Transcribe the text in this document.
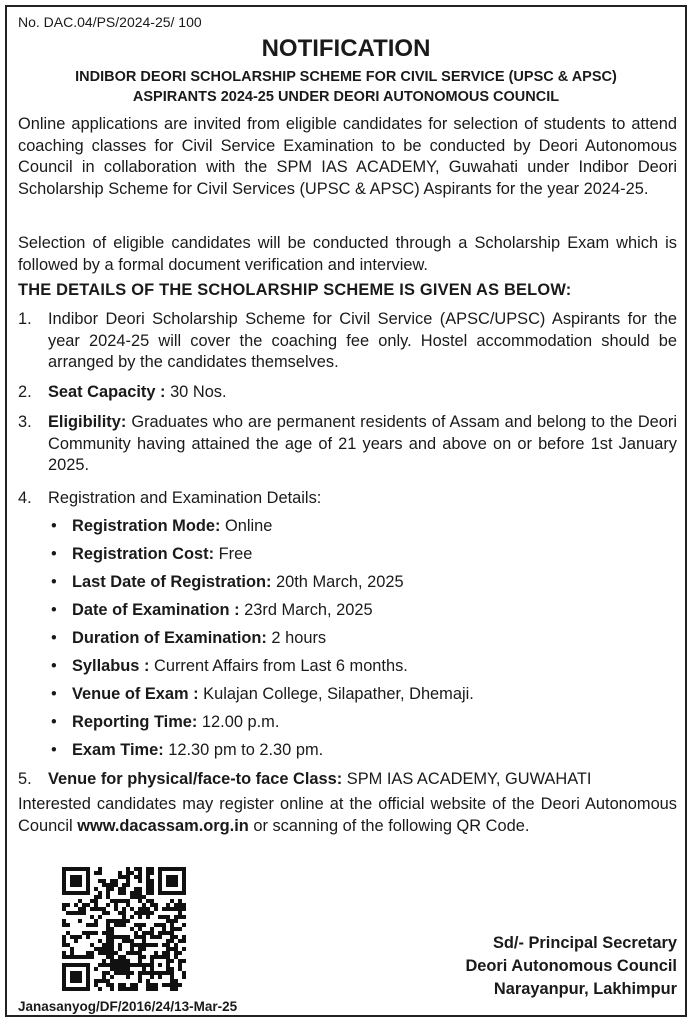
No. DAC.04/PS/2024-25/ 100
NOTIFICATION
INDIBOR DEORI SCHOLARSHIP SCHEME FOR CIVIL SERVICE (UPSC & APSC)
ASPIRANTS 2024-25 UNDER DEORI AUTONOMOUS COUNCIL
Online applications are invited from eligible candidates for selection of students to attend coaching classes for Civil Service Examination to be conducted by Deori Autonomous Council in collaboration with the SPM IAS ACADEMY, Guwahati under Indibor Deori Scholarship Scheme for Civil Services (UPSC & APSC) Aspirants for the year 2024-25.
Selection of eligible candidates will be conducted through a Scholarship Exam which is followed by a formal document verification and interview.
THE DETAILS OF THE SCHOLARSHIP SCHEME IS GIVEN AS BELOW:
1. Indibor Deori Scholarship Scheme for Civil Service (APSC/UPSC) Aspirants for the year 2024-25 will cover the coaching fee only. Hostel accommodation should be arranged by the candidates themselves.
2. Seat Capacity : 30 Nos.
3. Eligibility: Graduates who are permanent residents of Assam and belong to the Deori Community having attained the age of 21 years and above on or before 1st January 2025.
4. Registration and Examination Details:
• Registration Mode: Online
• Registration Cost: Free
• Last Date of Registration: 20th March, 2025
• Date of Examination : 23rd March, 2025
• Duration of Examination: 2 hours
• Syllabus : Current Affairs from Last 6 months.
• Venue of Exam : Kulajan College, Silapather, Dhemaji.
• Reporting Time: 12.00 p.m.
• Exam Time: 12.30 pm to 2.30 pm.
5. Venue for physical/face-to face Class: SPM IAS ACADEMY, GUWAHATI
Interested candidates may register online at the official website of the Deori Autonomous Council www.dacassam.org.in or scanning of the following QR Code.
Sd/- Principal Secretary
Deori Autonomous Council
Narayanpur, Lakhimpur
Janasanyog/DF/2016/24/13-Mar-25
